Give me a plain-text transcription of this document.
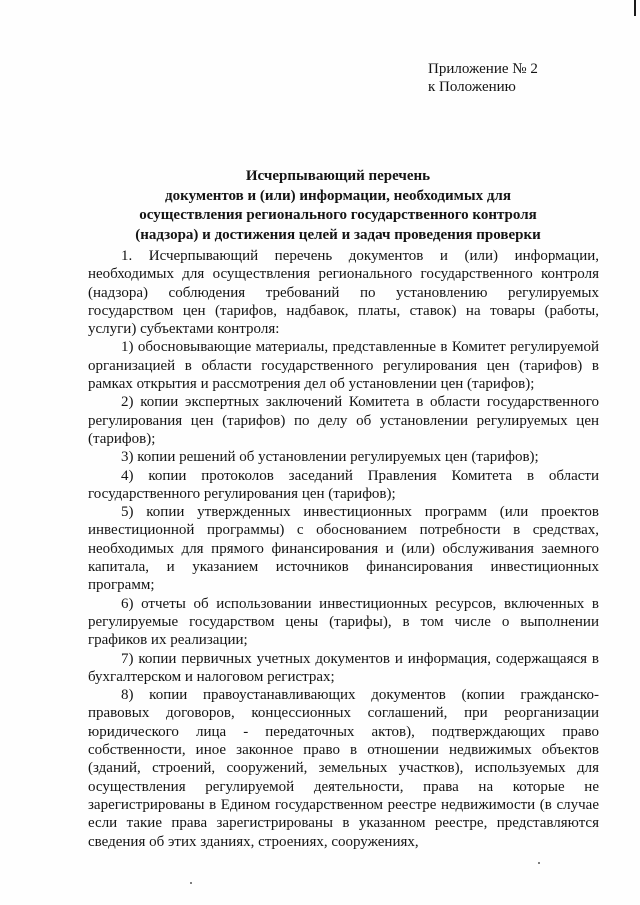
Приложение № 2
к Положению
Исчерпывающий перечень
документов и (или) информации, необходимых для
осуществления регионального государственного контроля
(надзора) и достижения целей и задач проведения проверки

1. Исчерпывающий перечень документов и (или) информации, необходимых для осуществления регионального государственного контроля (надзора) соблюдения требований по установлению регулируемых государством цен (тарифов, надбавок, платы, ставок) на товары (работы, услуги) субъектами контроля:

1) обосновывающие материалы, представленные в Комитет регулируемой организацией в области государственного регулирования цен (тарифов) в рамках открытия и рассмотрения дел об установлении цен (тарифов);

2) копии экспертных заключений Комитета в области государственного регулирования цен (тарифов) по делу об установлении регулируемых цен (тарифов);

3) копии решений об установлении регулируемых цен (тарифов);

4) копии протоколов заседаний Правления Комитета в области государственного регулирования цен (тарифов);

5) копии утвержденных инвестиционных программ (или проектов инвестиционной программы) с обоснованием потребности в средствах, необходимых для прямого финансирования и (или) обслуживания заемного капитала, и указанием источников финансирования инвестиционных программ;

6) отчеты об использовании инвестиционных ресурсов, включенных в регулируемые государством цены (тарифы), в том числе о выполнении графиков их реализации;

7) копии первичных учетных документов и информация, содержащаяся в бухгалтерском и налоговом регистрах;

8) копии правоустанавливающих документов (копии гражданско-правовых договоров, концессионных соглашений, при реорганизации юридического лица - передаточных актов), подтверждающих право собственности, иное законное право в отношении недвижимых объектов (зданий, строений, сооружений, земельных участков), используемых для осуществления регулируемой деятельности, права на которые не зарегистрированы в Едином государственном реестре недвижимости (в случае если такие права зарегистрированы в указанном реестре, представляются сведения об этих зданиях, строениях, сооружениях,
